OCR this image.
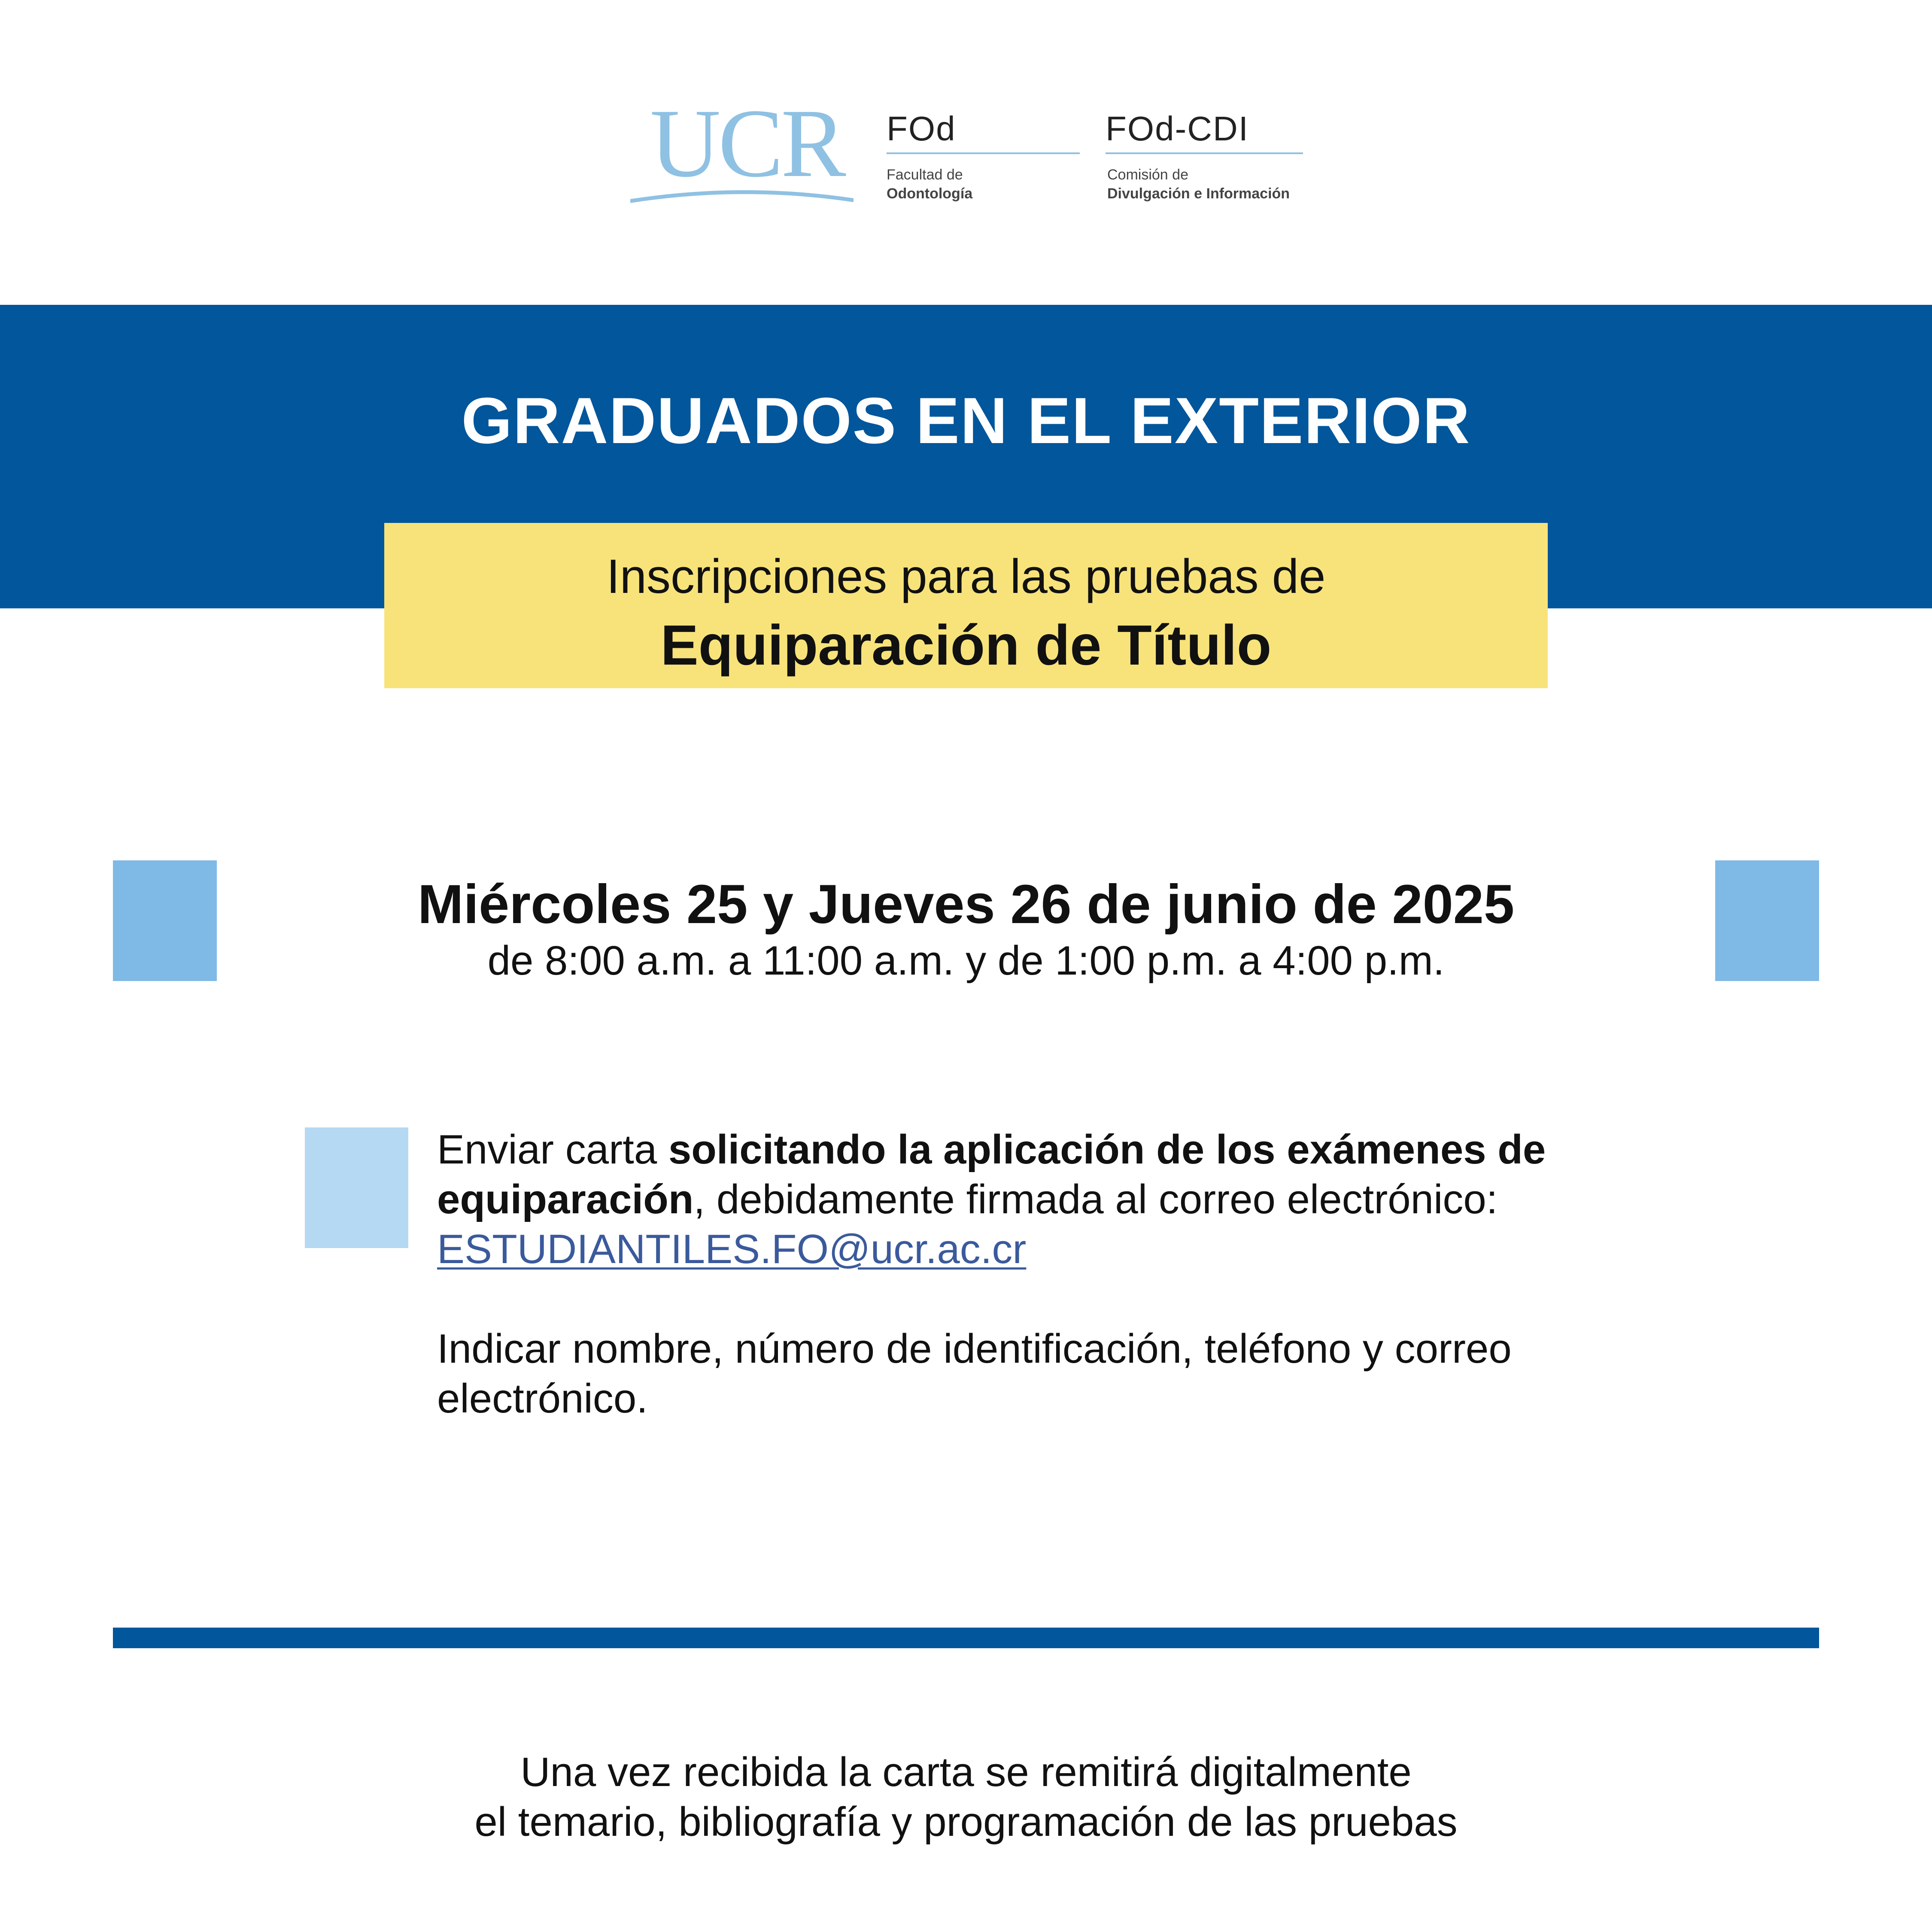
UCR FOd
Facultad de
Odontología
FOd-CDI
Comisión de
Divulgación e Información
GRADUADOS EN EL EXTERIOR
Inscripciones para las pruebas de
Equiparación de Título
Miércoles 25 y Jueves 26 de junio de 2025
de 8:00 a.m. a 11:00 a.m. y de 1:00 p.m. a 4:00 p.m.
Enviar carta solicitando la aplicación de los exámenes de equiparación, debidamente firmada al correo electrónico:
ESTUDIANTILES.FO@ucr.ac.cr
Indicar nombre, número de identificación, teléfono y correo electrónico.
Una vez recibida la carta se remitirá digitalmente
el temario, bibliografía y programación de las pruebas
